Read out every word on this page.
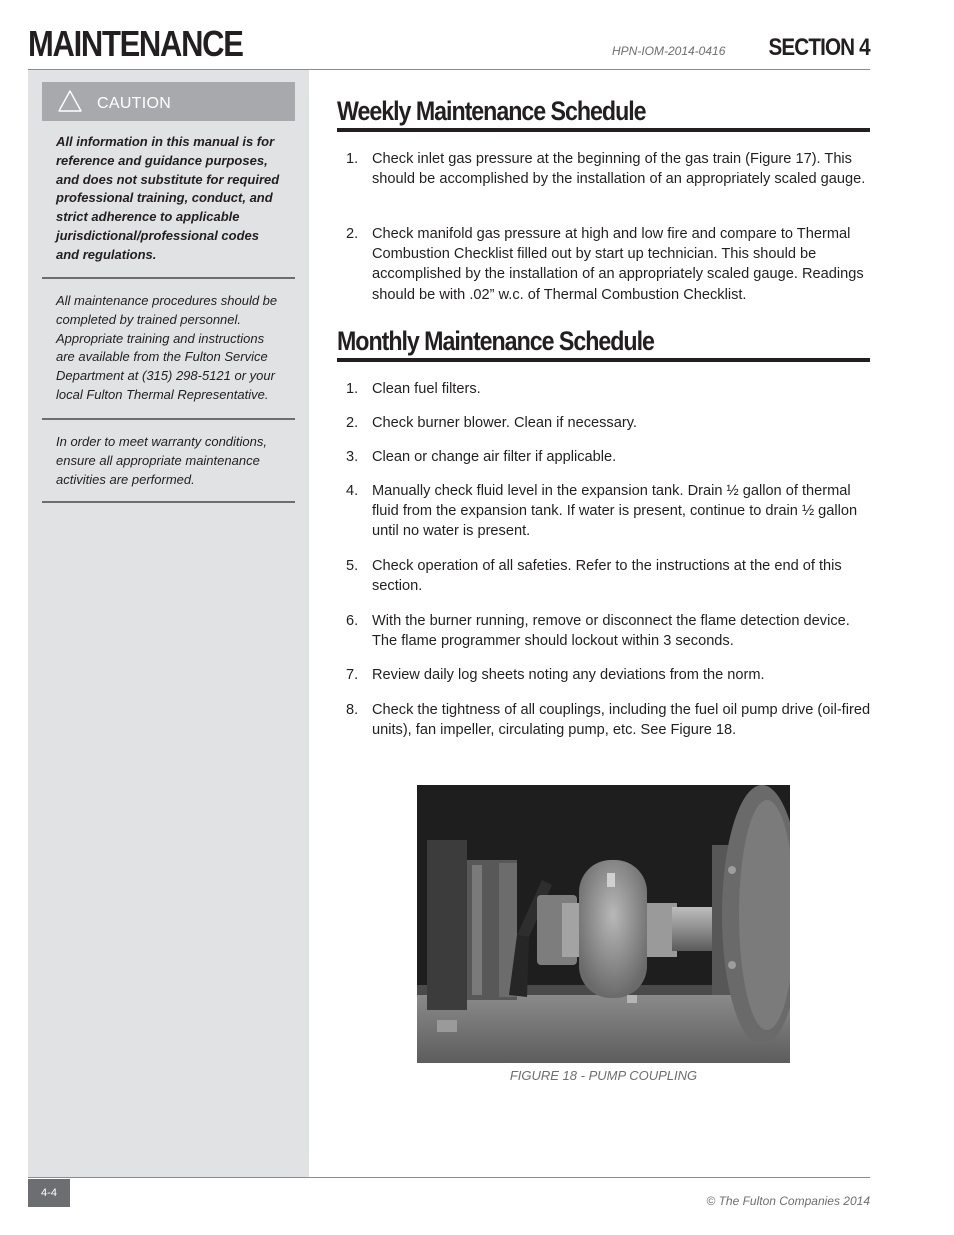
MAINTENANCE	HPN-IOM-2014-0416 SECTION 4
CAUTION
All information in this manual is for reference and guidance purposes, and does not substitute for required professional training, conduct, and strict adherence to applicable jurisdictional/professional codes and regulations.
All maintenance procedures should be completed by trained personnel. Appropriate training and instructions are available from the Fulton Service Department at (315) 298-5121 or your local Fulton Thermal Representative.
In order to meet warranty conditions, ensure all appropriate maintenance activities are performed.
Weekly Maintenance Schedule
1. Check inlet gas pressure at the beginning of the gas train (Figure 17). This should be accomplished by the installation of an appropriately scaled gauge.
2. Check manifold gas pressure at high and low fire and compare to Thermal Combustion Checklist filled out by start up technician. This should be accomplished by the installation of an appropriately scaled gauge. Readings should be with .02” w.c. of Thermal Combustion Checklist.
Monthly Maintenance Schedule
1. Clean fuel filters.
2. Check burner blower. Clean if necessary.
3. Clean or change air filter if applicable.
4. Manually check fluid level in the expansion tank. Drain ½ gallon of thermal fluid from the expansion tank. If water is present, continue to drain ½ gallon until no water is present.
5. Check operation of all safeties. Refer to the instructions at the end of this section.
6. With the burner running, remove or disconnect the flame detection device. The flame programmer should lockout within 3 seconds.
7. Review daily log sheets noting any deviations from the norm.
8. Check the tightness of all couplings, including the fuel oil pump drive (oil-fired units), fan impeller, circulating pump, etc. See Figure 18.
FIGURE 18 - PUMP COUPLING
4-4
© The Fulton Companies 2014
